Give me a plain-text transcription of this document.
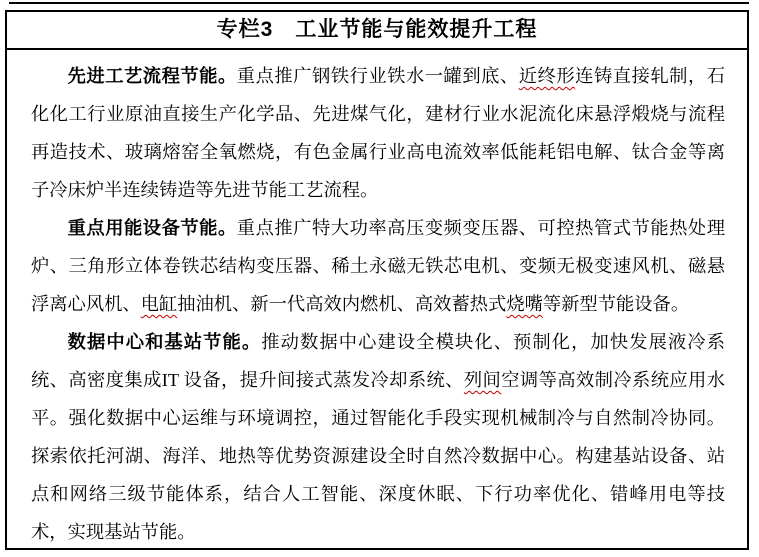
专栏3　工业节能与能效提升工程

先进工艺流程节能。重点推广钢铁行业铁水一罐到底、近终形连铸直接轧制，石化化工行业原油直接生产化学品、先进煤气化，建材行业水泥流化床悬浮煅烧与流程再造技术、玻璃熔窑全氧燃烧，有色金属行业高电流效率低能耗铝电解、钛合金等离子冷床炉半连续铸造等先进节能工艺流程。

重点用能设备节能。重点推广特大功率高压变频变压器、可控热管式节能热处理炉、三角形立体卷铁芯结构变压器、稀土永磁无铁芯电机、变频无极变速风机、磁悬浮离心风机、电缸抽油机、新一代高效内燃机、高效蓄热式烧嘴等新型节能设备。

数据中心和基站节能。推动数据中心建设全模块化、预制化，加快发展液冷系统、高密度集成IT 设备，提升间接式蒸发冷却系统、列间空调等高效制冷系统应用水平。强化数据中心运维与环境调控，通过智能化手段实现机械制冷与自然制冷协同。探索依托河湖、海洋、地热等优势资源建设全时自然冷数据中心。构建基站设备、站点和网络三级节能体系，结合人工智能、深度休眠、下行功率优化、错峰用电等技术，实现基站节能。
